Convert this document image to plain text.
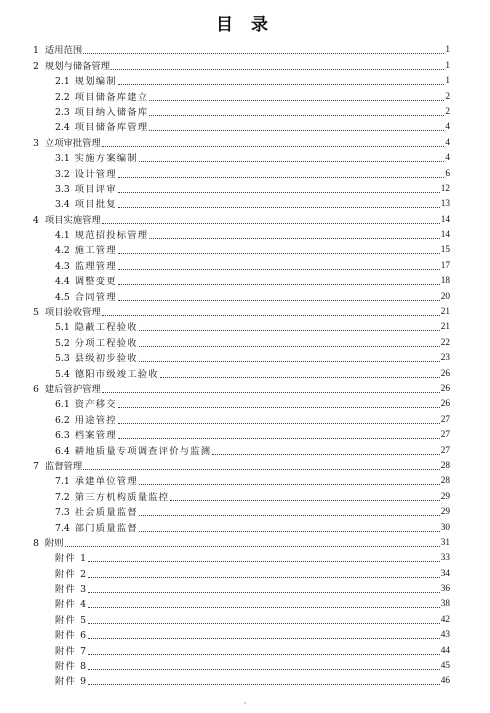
目 录
1 适用范围	1
2 规划与储备管理	1
2.1 规划编制	1
2.2 项目储备库建立	2
2.3 项目纳入储备库	2
2.4 项目储备库管理	4
3 立项审批管理	4
3.1 实施方案编制	4
3.2 设计管理	6
3.3 项目评审	12
3.4 项目批复	13
4 项目实施管理	14
4.1 规范招投标管理	14
4.2 施工管理	15
4.3 监理管理	17
4.4 调整变更	18
4.5 合同管理	20
5 项目验收管理	21
5.1 隐蔽工程验收	21
5.2 分项工程验收	22
5.3 县级初步验收	23
5.4 德阳市级竣工验收	26
6 建后管护管理	26
6.1 资产移交	26
6.2 用途管控	27
6.3 档案管理	27
6.4 耕地质量专项调查评价与监测	27
7 监督管理	28
7.1 承建单位管理	28
7.2 第三方机构质量监控	29
7.3 社会质量监督	29
7.4 部门质量监督	30
8 附则	31
附件 1	33
附件 2	34
附件 3	36
附件 4	38
附件 5	42
附件 6	43
附件 7	44
附件 8	45
附件 9	46
·
